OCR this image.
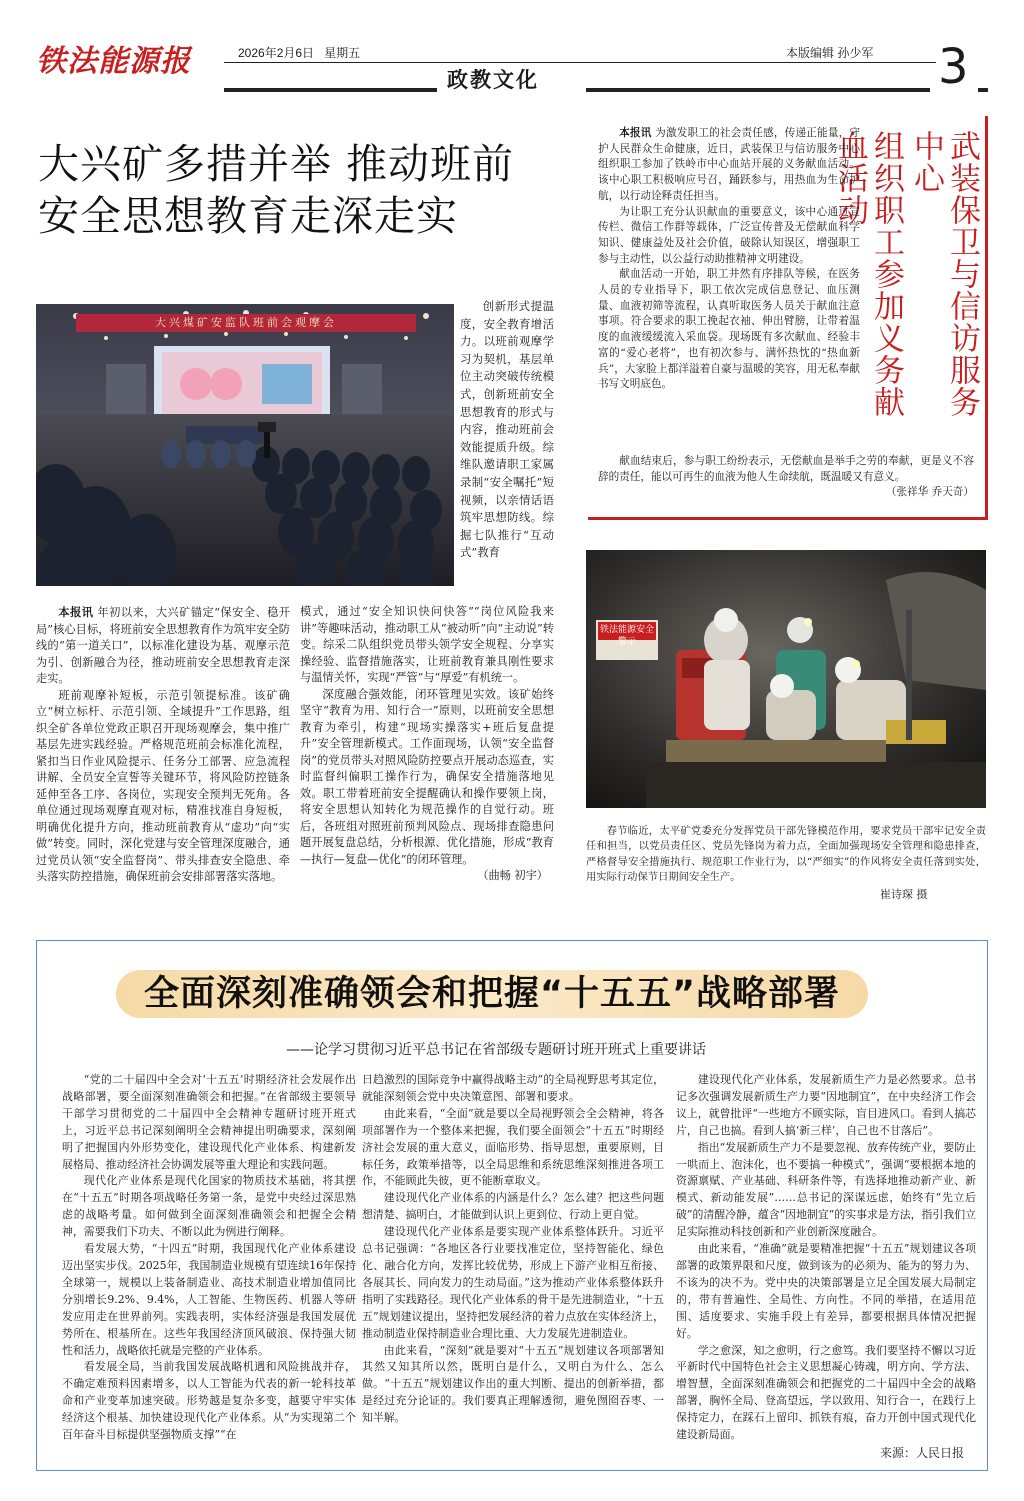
铁法能源报	2026年2月6日 星期五	本版编辑 孙少军
政教文化	3
大兴矿多措并举 推动班前
安全思想教育走深走实
大兴煤矿安监队班前会观摩会

创新形式提温度，安全教育增活力。以班前观摩学习为契机，基层单位主动突破传统模式，创新班前安全思想教育的形式与内容，推动班前会效能提质升级。综维队邀请职工家属录制“安全嘱托”短视频，以亲情话语筑牢思想防线。综掘七队推行“互动式”教育

本报讯 年初以来，大兴矿锚定“保安全、稳开局”核心目标，将班前安全思想教育作为筑牢安全防线的“第一道关口”，以标准化建设为基、观摩示范为引、创新融合为径，推动班前安全思想教育走深走实。

班前观摩补短板，示范引领提标准。该矿确立“树立标杆、示范引领、全域提升”工作思路，组织全矿各单位党政正职召开现场观摩会，集中推广基层先进实践经验。严格规范班前会标准化流程，紧扣当日作业风险提示、任务分工部署、应急流程讲解、全员安全宣誓等关键环节，将风险防控链条延伸至各工序、各岗位，实现安全预判无死角。各单位通过现场观摩直观对标，精准找准自身短板，明确优化提升方向，推动班前教育从“虚功”向“实做”转变。同时，深化党建与安全管理深度融合，通过党员认领“安全监督岗”、带头排查安全隐患、牵头落实防控措施，确保班前会安排部署落实落地。

模式，通过“安全知识快问快答”“岗位风险我来讲”等趣味活动，推动职工从“被动听”向“主动说”转变。综采二队组织党员带头领学安全规程、分享实操经验、监督措施落实，让班前教育兼具刚性要求与温情关怀，实现“严管”与“厚爱”有机统一。

深度融合强效能，闭环管理见实效。该矿始终坚守“教育为用、知行合一”原则，以班前安全思想教育为牵引，构建“现场实操落实+班后复盘提升”安全管理新模式。工作面现场，认领“安全监督岗”的党员带头对照风险防控要点开展动态巡查，实时监督纠偏职工操作行为，确保安全措施落地见效。职工带着班前安全提醒确认和操作要领上岗，将安全思想认知转化为规范操作的自觉行动。班后，各班组对照班前预判风险点、现场排查隐患问题开展复盘总结，分析根源、优化措施，形成“教育—执行—复盘—优化”的闭环管理。

（曲畅 初宇）
武装保卫与信访服务中心
组织职工参加义务献血活动

本报讯 为激发职工的社会责任感，传递正能量，守护人民群众生命健康，近日，武装保卫与信访服务中心组织职工参加了铁岭市中心血站开展的义务献血活动。该中心职工积极响应号召，踊跃参与，用热血为生命护航，以行动诠释责任担当。

为让职工充分认识献血的重要意义，该中心通过宣传栏、微信工作群等载体，广泛宣传普及无偿献血科学知识、健康益处及社会价值，破除认知误区，增强职工参与主动性，以公益行动助推精神文明建设。

献血活动一开始，职工井然有序排队等候，在医务人员的专业指导下，职工依次完成信息登记、血压测量、血液初筛等流程，认真听取医务人员关于献血注意事项。符合要求的职工挽起衣袖、伸出臂膀，让带着温度的血液缓缓流入采血袋。现场既有多次献血、经验丰富的“爱心老将”，也有初次参与、满怀热忱的“热血新兵”，大家脸上都洋溢着自豪与温暖的笑容，用无私奉献书写文明底色。

献血结束后，参与职工纷纷表示，无偿献血是举手之劳的奉献，更是义不容辞的责任，能以可再生的血液为他人生命续航，既温暖又有意义。

（张祥华 乔天奇）
铁法能源安全警示
春节临近，太平矿党委充分发挥党员干部先锋模范作用，要求党员干部牢记安全责任和担当，以党员责任区、党员先锋岗为着力点，全面加强现场安全管理和隐患排查，严格督导安全措施执行、规范职工作业行为，以“严细实”的作风将安全责任落到实处，用实际行动保节日期间安全生产。
崔诗琛 摄
全面深刻准确领会和把握“十五五”战略部署
——论学习贯彻习近平总书记在省部级专题研讨班开班式上重要讲话

“党的二十届四中全会对‘十五五’时期经济社会发展作出战略部署，要全面深刻准确领会和把握。”在省部级主要领导干部学习贯彻党的二十届四中全会精神专题研讨班开班式上，习近平总书记深刻阐明全会精神提出明确要求，深刻阐明了把握国内外形势变化，建设现代化产业体系、构建新发展格局、推动经济社会协调发展等重大理论和实践问题。

现代化产业体系是现代化国家的物质技术基础，将其摆在“十五五”时期各项战略任务第一条，是党中央经过深思熟虑的战略考量。如何做到全面深刻准确领会和把握全会精神，需要我们下功夫、不断以此为例进行阐释。

看发展大势，“十四五”时期，我国现代化产业体系建设迈出坚实步伐。2025年，我国制造业规模有望连续16年保持全球第一，规模以上装备制造业、高技术制造业增加值同比分别增长9.2%、9.4%，人工智能、生物医药、机器人等研发应用走在世界前列。实践表明，实体经济强是我国发展优势所在、根基所在。这些年我国经济顶风破浪、保持强大韧性和活力，战略依托就是完整的产业体系。

看发展全局，当前我国发展战略机遇和风险挑战并存，不确定难预料因素增多，以人工智能为代表的新一轮科技革命和产业变革加速突破。形势越是复杂多变，越要守牢实体经济这个根基、加快建设现代化产业体系。从“为实现第二个百年奋斗目标提供坚强物质支撑”“在

日趋激烈的国际竞争中赢得战略主动”的全局视野思考其定位，就能深刻领会党中央决策意图、部署和要求。

由此来看，“全面”就是要以全局视野领会全会精神，将各项部署作为一个整体来把握，我们要全面领会“十五五”时期经济社会发展的重大意义，面临形势、指导思想，重要原则，目标任务，政策举措等，以全局思维和系统思维深刻推进各项工作，不能顾此失彼，更不能断章取义。

建设现代化产业体系的内涵是什么？怎么建？把这些问题想清楚、搞明白，才能做到认识上更到位、行动上更自觉。

建设现代化产业体系是要实现产业体系整体跃升。习近平总书记强调：“各地区各行业要找准定位，坚持智能化、绿色化、融合化方向，发挥比较优势，形成上下游产业相互衔接、各展其长、同向发力的生动局面。”这为推动产业体系整体跃升指明了实践路径。现代化产业体系的骨干是先进制造业，“十五五”规划建议提出，坚持把发展经济的着力点放在实体经济上，推动制造业保持制造业合理比重、大力发展先进制造业。

由此来看，“深刻”就是要对“十五五”规划建议各项部署知其然又知其所以然，既明白是什么，又明白为什么、怎么做。“十五五”规划建议作出的重大判断、提出的创新举措，都是经过充分论证的。我们要真正理解透彻，避免囫囵吞枣、一知半解。

建设现代化产业体系，发展新质生产力是必然要求。总书记多次强调发展新质生产力要“因地制宜”，在中央经济工作会议上，就曾批评“一些地方不顾实际，盲目进风口。看到人搞芯片，自己也搞。看到人搞‘新三样’，自己也不甘落后”。

指出“发展新质生产力不是要忽视、放弃传统产业，要防止一哄而上、泡沫化，也不要搞一种模式”，强调“要根据本地的资源禀赋、产业基础、科研条件等，有选择地推动新产业、新模式、新动能发展”……总书记的深谋远虑，始终有“先立后破”的清醒冷静，蕴含“因地制宜”的实事求是方法，指引我们立足实际推动科技创新和产业创新深度融合。

由此来看，“准确”就是要精准把握“十五五”规划建议各项部署的政策界限和尺度，做到该为的必须为、能为的努力为、不该为的决不为。党中央的决策部署是立足全国发展大局制定的，带有普遍性、全局性、方向性。不同的举措，在适用范围、适度要求、实施手段上有差异，都要根据具体情况把握好。

学之愈深，知之愈明，行之愈笃。我们要坚持不懈以习近平新时代中国特色社会主义思想凝心铸魂，明方向、学方法、增智慧，全面深刻准确领会和把握党的二十届四中全会的战略部署，胸怀全局、登高望远，学以致用、知行合一，在践行上保持定力，在踩石上留印、抓铁有痕，奋力开创中国式现代化建设新局面。

来源：人民日报
